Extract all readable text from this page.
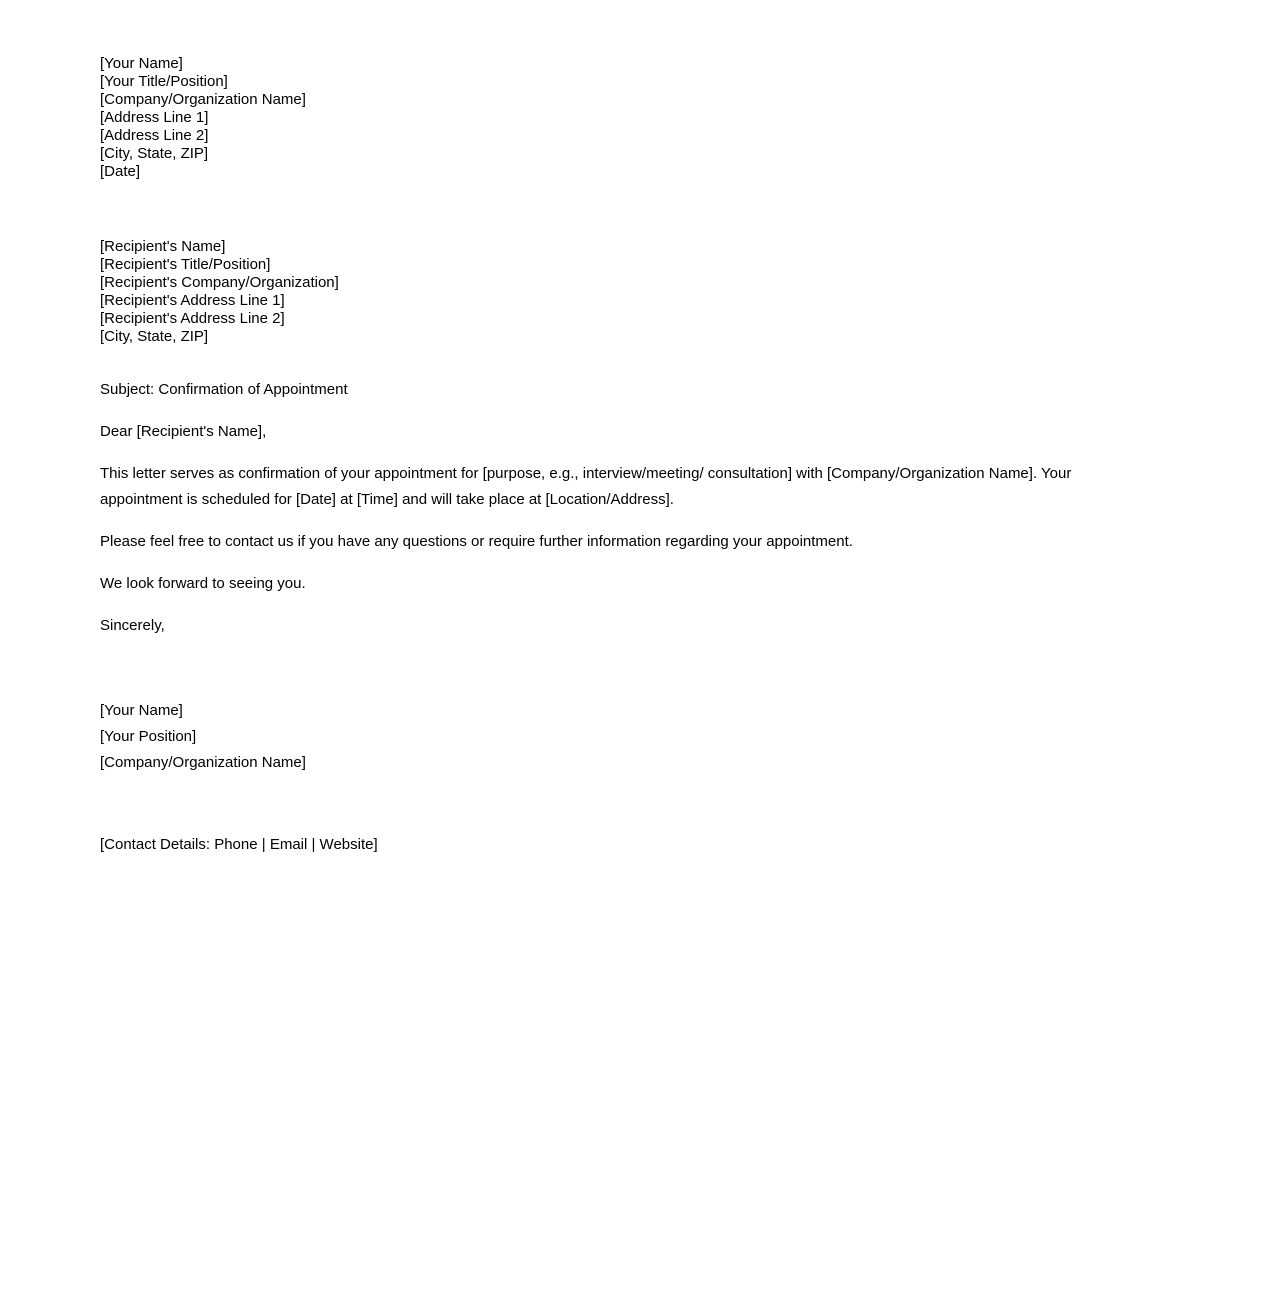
[Your Name]
[Your Title/Position]
[Company/Organization Name]
[Address Line 1]
[Address Line 2]
[City, State, ZIP]
[Date]
[Recipient's Name]
[Recipient's Title/Position]
[Recipient's Company/Organization]
[Recipient's Address Line 1]
[Recipient's Address Line 2]
[City, State, ZIP]

Subject: Confirmation of Appointment

Dear [Recipient's Name],

This letter serves as confirmation of your appointment for [purpose, e.g., interview/meeting/ consultation] with [Company/Organization Name]. Your appointment is scheduled for [Date] at [Time] and will take place at [Location/Address].

Please feel free to contact us if you have any questions or require further information regarding your appointment.

We look forward to seeing you.

Sincerely,

[Your Name]
[Your Position]
[Company/Organization Name]
[Contact Details: Phone | Email | Website]
